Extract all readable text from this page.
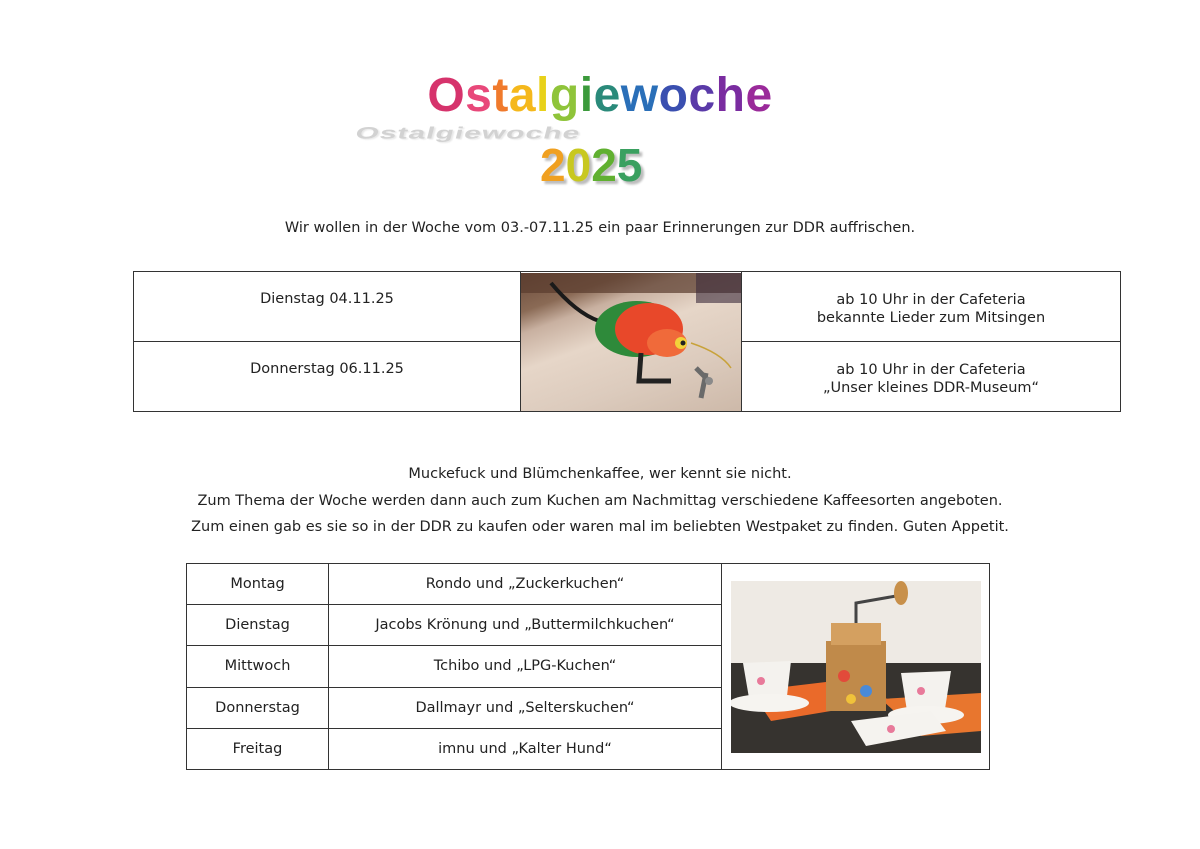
Ostalgiewoche
Ostalgiewoche
2025
Wir wollen in der Woche vom 03.-07.11.25 ein paar Erinnerungen zur DDR auffrischen.
Dienstag 04.11.25		ab 10 Uhr in der Cafeteria
bekannte Lieder zum Mitsingen

Donnerstag 06.11.25		ab 10 Uhr in der Cafeteria
„Unser kleines DDR-Museum“
Muckefuck und Blümchenkaffee, wer kennt sie nicht.
Zum Thema der Woche werden dann auch zum Kuchen am Nachmittag verschiedene Kaffeesorten angeboten.
Zum einen gab es sie so in der DDR zu kaufen oder waren mal im beliebten Westpaket zu finden. Guten Appetit.
Montag	Rondo und „Zuckerkuchen“	

Dienstag	Jacobs Krönung und „Buttermilchkuchen“	
Mittwoch	Tchibo und „LPG-Kuchen“	
Donnerstag	Dallmayr und „Selterskuchen“	
Freitag	imnu und „Kalter Hund“	
